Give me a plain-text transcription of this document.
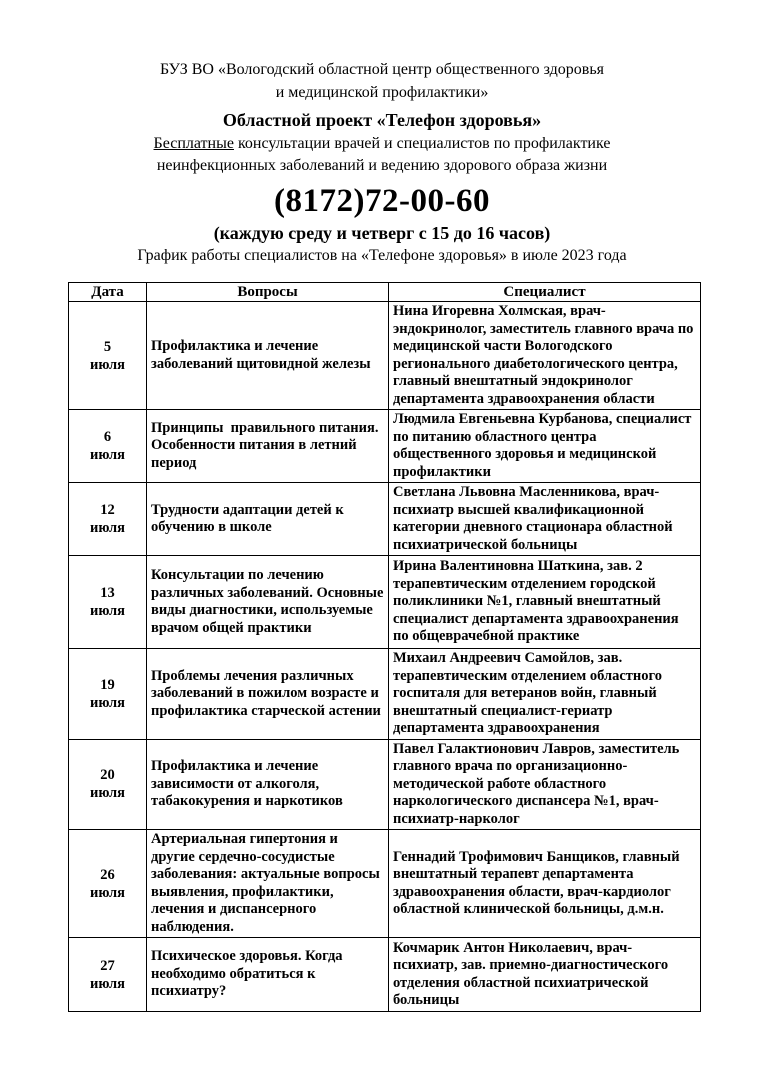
БУЗ ВО «Вологодский областной центр общественного здоровья

и медицинской профилактики»

Областной проект «Телефон здоровья»

Бесплатные консультации врачей и специалистов по профилактике

неинфекционных заболеваний и ведению здорового образа жизни

(8172)72-00-60

(каждую среду и четверг с 15 до 16 часов)

График работы специалистов на «Телефоне здоровья» в июле 2023 года

Дата	Вопросы	Специалист

5
июля	Профилактика и лечение заболеваний щитовидной железы	Нина Игоревна Холмская, врач-эндокринолог, заместитель главного врача по медицинской части Вологодского регионального диабетологического центра, главный внештатный эндокринолог департамента здравоохранения области

6
июля	Принципы  правильного питания. Особенности питания в летний период	Людмила Евгеньевна Курбанова, специалист по питанию областного центра общественного здоровья и медицинской профилактики

12
июля	Трудности адаптации детей к обучению в школе	Светлана Львовна Масленникова, врач-психиатр высшей квалификационной категории дневного стационара областной психиатрической больницы

13
июля	Консультации по лечению различных заболеваний. Основные виды диагностики, используемые врачом общей практики	Ирина Валентиновна Шаткина, зав. 2 терапевтическим отделением городской поликлиники №1, главный внештатный специалист департамента здравоохранения по общеврачебной практике

19
июля	Проблемы лечения различных заболеваний в пожилом возрасте и профилактика старческой астении	Михаил Андреевич Самойлов, зав. терапевтическим отделением областного госпиталя для ветеранов войн, главный внештатный специалист-гериатр департамента здравоохранения

20
июля	Профилактика и лечение зависимости от алкоголя, табакокурения и наркотиков	Павел Галактионович Лавров, заместитель главного врача по организационно-методической работе областного наркологического диспансера №1, врач-психиатр-нарколог

26
июля	Артериальная гипертония и другие сердечно-сосудистые заболевания: актуальные вопросы выявления, профилактики, лечения и диспансерного наблюдения.	Геннадий Трофимович Банщиков, главный внештатный терапевт департамента здравоохранения области, врач-кардиолог областной клинической больницы, д.м.н.

27
июля	Психическое здоровья. Когда необходимо обратиться к психиатру?	Кочмарик Антон Николаевич, врач-психиатр, зав. приемно-диагностического отделения областной психиатрической больницы
